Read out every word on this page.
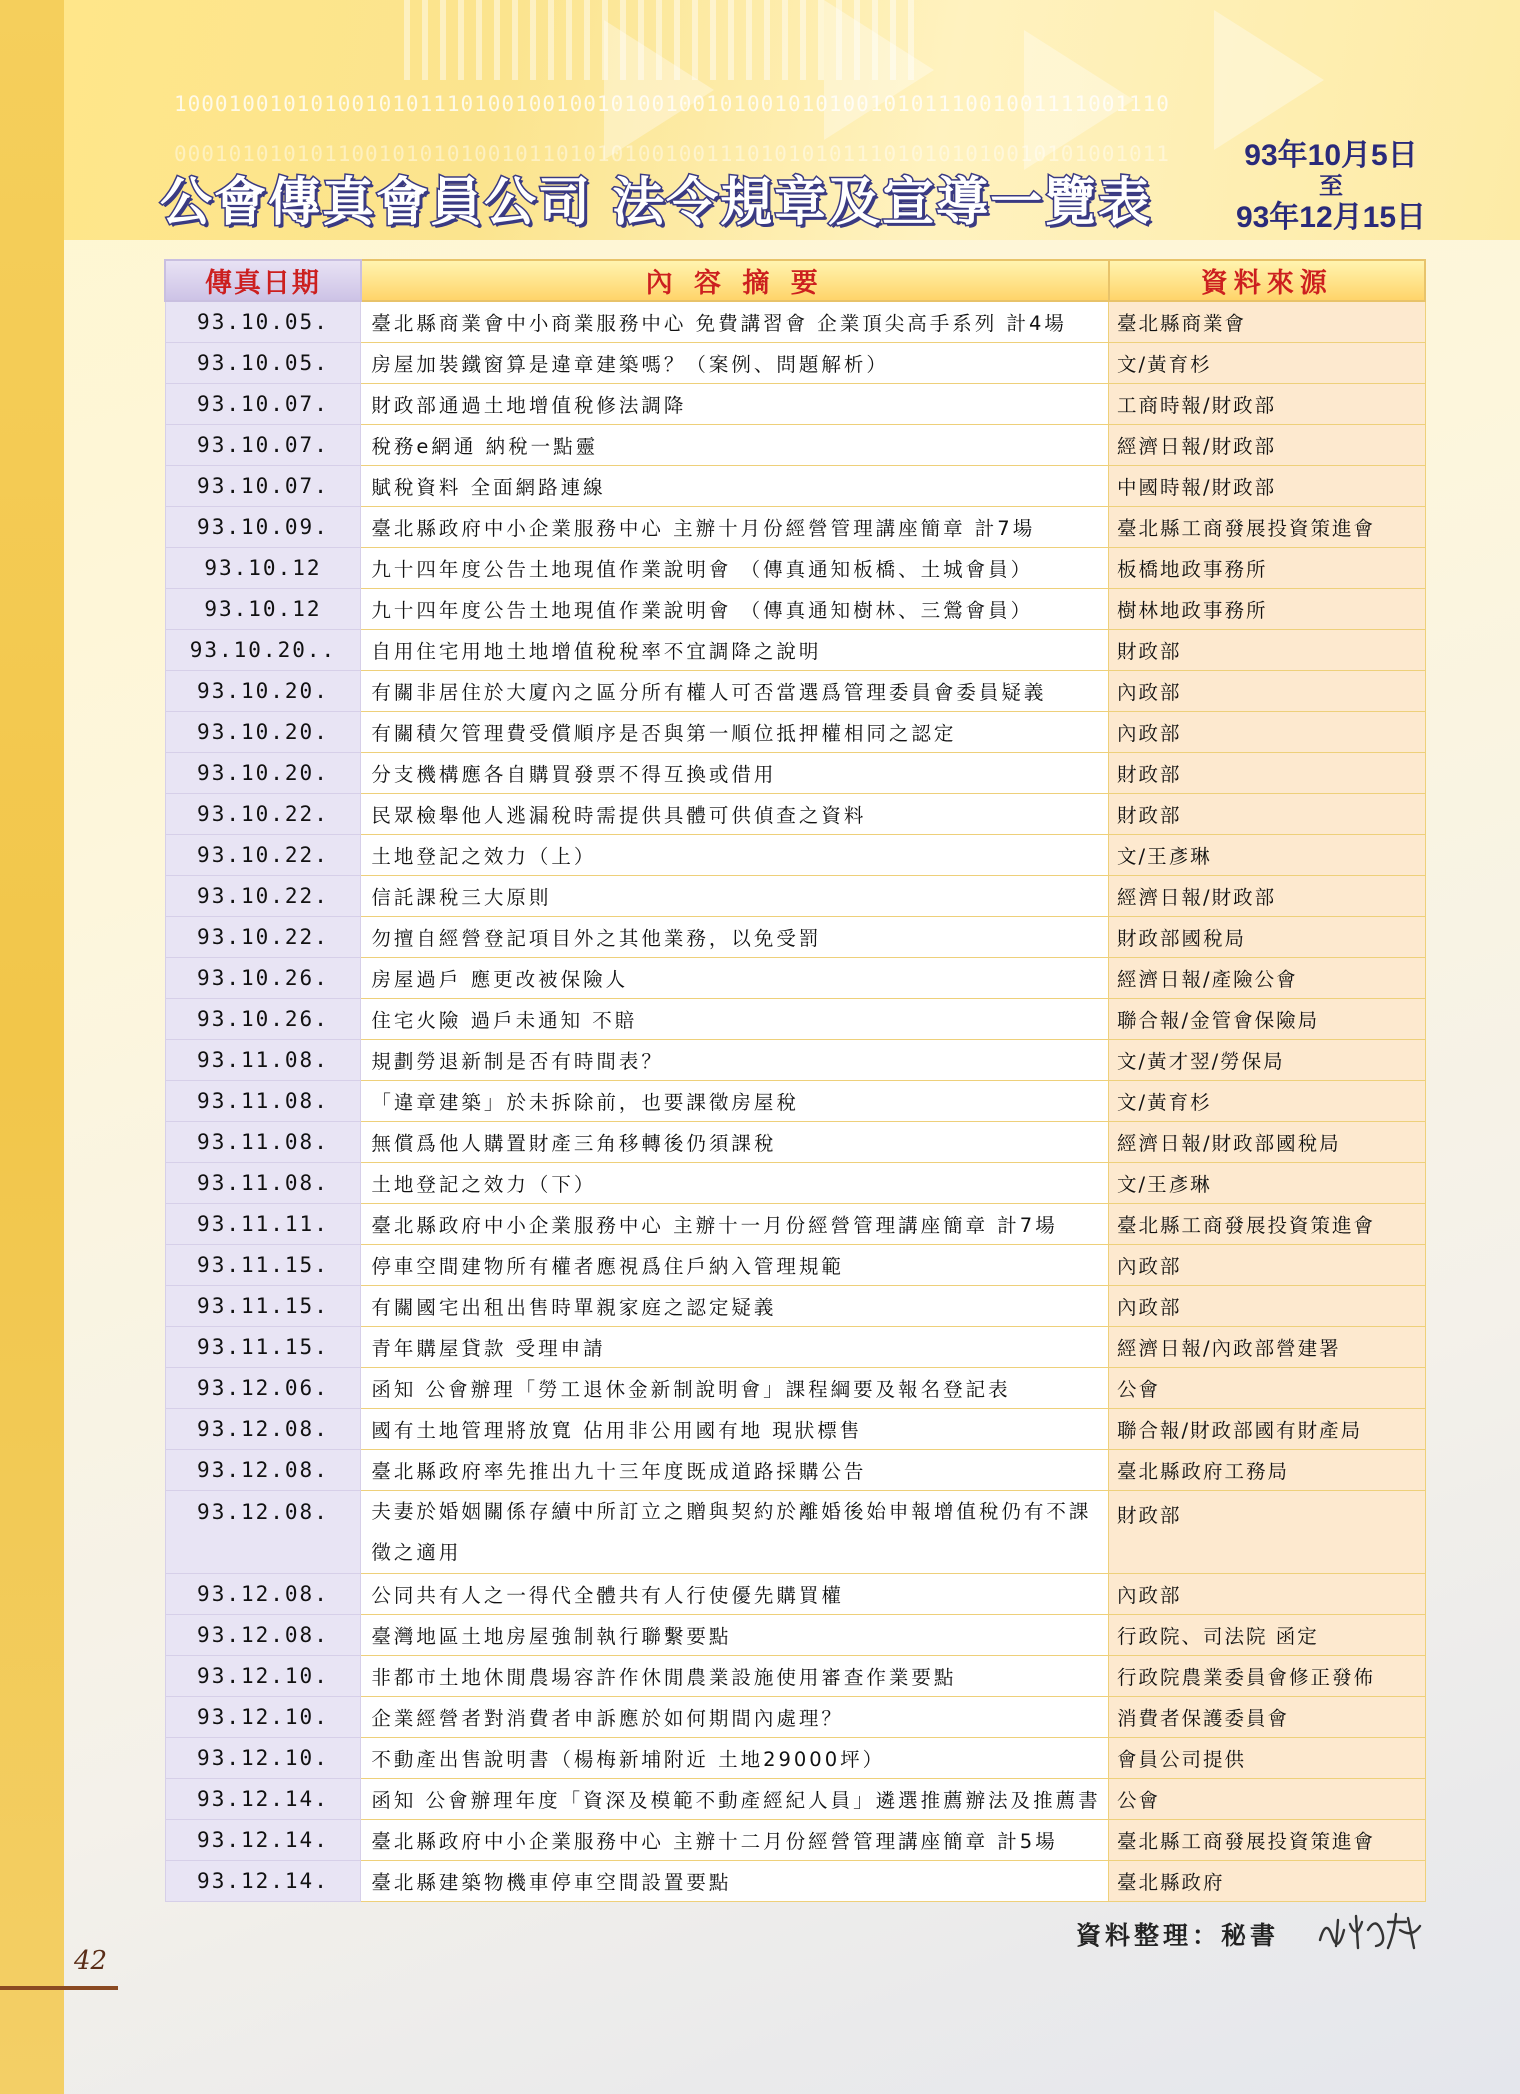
1000100101010010101110100100100101001001010010101001010111001001111001110
0001010101011001010101001011010101001001110101010111010101010010101001011
公會傳真會員公司 法令規章及宣導一覽表
93年10月5日
至
93年12月15日
傳真日期	內 容 摘 要	資料來源
93.10.05.	臺北縣商業會中小商業服務中心 免費講習會 企業頂尖高手系列 計4場	臺北縣商業會
93.10.05.	房屋加裝鐵窗算是違章建築嗎？（案例、問題解析）	文/黃育杉
93.10.07.	財政部通過土地增值稅修法調降	工商時報/財政部
93.10.07.	稅務e網通 納稅一點靈	經濟日報/財政部
93.10.07.	賦稅資料 全面網路連線	中國時報/財政部
93.10.09.	臺北縣政府中小企業服務中心 主辦十月份經營管理講座簡章 計7場	臺北縣工商發展投資策進會
93.10.12	九十四年度公告土地現值作業說明會 （傳真通知板橋、土城會員）	板橋地政事務所
93.10.12	九十四年度公告土地現值作業說明會 （傳真通知樹林、三鶯會員）	樹林地政事務所
93.10.20..	自用住宅用地土地增值稅稅率不宜調降之說明	財政部
93.10.20.	有關非居住於大廈內之區分所有權人可否當選爲管理委員會委員疑義	內政部
93.10.20.	有關積欠管理費受償順序是否與第一順位抵押權相同之認定	內政部
93.10.20.	分支機構應各自購買發票不得互換或借用	財政部
93.10.22.	民眾檢舉他人逃漏稅時需提供具體可供偵查之資料	財政部
93.10.22.	土地登記之效力（上）	文/王彥琳
93.10.22.	信託課稅三大原則	經濟日報/財政部
93.10.22.	勿擅自經營登記項目外之其他業務，以免受罰	財政部國稅局
93.10.26.	房屋過戶 應更改被保險人	經濟日報/產險公會
93.10.26.	住宅火險 過戶未通知 不賠	聯合報/金管會保險局
93.11.08.	規劃勞退新制是否有時間表？	文/黃才翌/勞保局
93.11.08.	「違章建築」於未拆除前，也要課徵房屋稅	文/黃育杉
93.11.08.	無償爲他人購置財產三角移轉後仍須課稅	經濟日報/財政部國稅局
93.11.08.	土地登記之效力（下）	文/王彥琳
93.11.11.	臺北縣政府中小企業服務中心 主辦十一月份經營管理講座簡章 計7場	臺北縣工商發展投資策進會
93.11.15.	停車空間建物所有權者應視爲住戶納入管理規範	內政部
93.11.15.	有關國宅出租出售時單親家庭之認定疑義	內政部
93.11.15.	青年購屋貸款 受理申請	經濟日報/內政部營建署
93.12.06.	函知 公會辦理「勞工退休金新制說明會」課程綱要及報名登記表	公會
93.12.08.	國有土地管理將放寬 佔用非公用國有地 現狀標售	聯合報/財政部國有財產局
93.12.08.	臺北縣政府率先推出九十三年度既成道路採購公告	臺北縣政府工務局
93.12.08.	夫妻於婚姻關係存續中所訂立之贈與契約於離婚後始申報增值稅仍有不課徵之適用	財政部
93.12.08.	公同共有人之一得代全體共有人行使優先購買權	內政部
93.12.08.	臺灣地區土地房屋強制執行聯繫要點	行政院、司法院 函定
93.12.10.	非都市土地休閒農場容許作休閒農業設施使用審查作業要點	行政院農業委員會修正發佈
93.12.10.	企業經營者對消費者申訴應於如何期間內處理？	消費者保護委員會
93.12.10.	不動產出售說明書（楊梅新埔附近 土地29000坪）	會員公司提供
93.12.14.	函知 公會辦理年度「資深及模範不動產經紀人員」遴選推薦辦法及推薦書	公會
93.12.14.	臺北縣政府中小企業服務中心 主辦十二月份經營管理講座簡章 計5場	臺北縣工商發展投資策進會
93.12.14.	臺北縣建築物機車停車空間設置要點	臺北縣政府
資料整理：秘書
42
